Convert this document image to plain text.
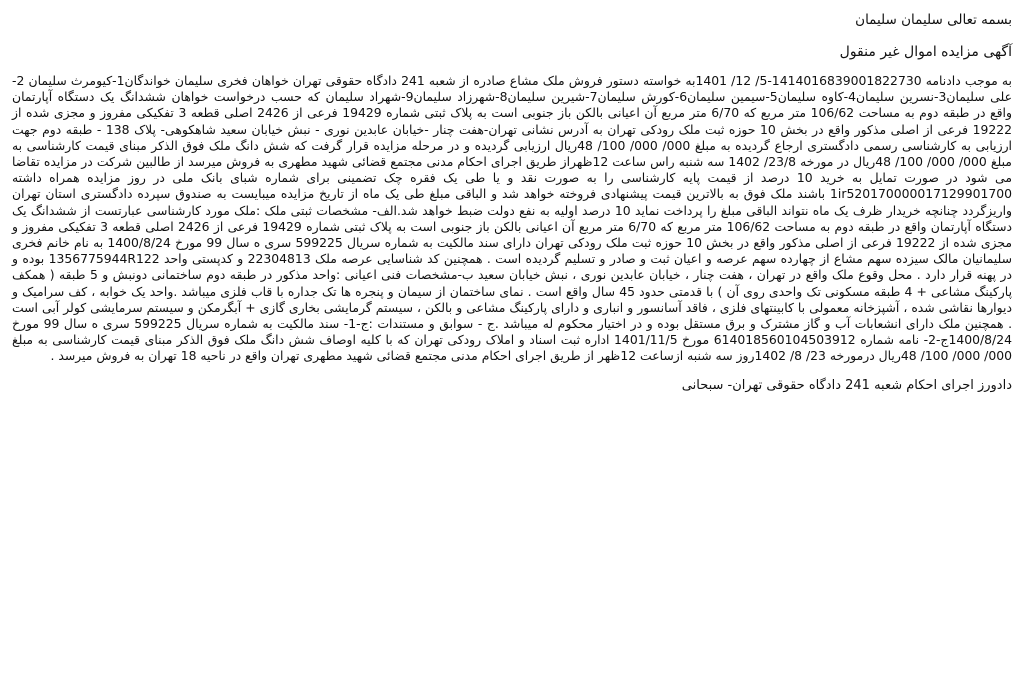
بسمه تعالی سلیمان سلیمان
آگهی مزایده اموال غیر منقول
به موجب دادنامه 14016839001822730‏5-14/ 12/ 1401به خواسته دستور فروش ملک مشاع صادره از شعبه 241 دادگاه حقوقی تهران خواهان فخری سلیمان خواندگان1-کیومرث سلیمان 2-علی سلیمان3-نسرین سلیمان4-کاوه سلیمان5-سیمین سلیمان6-کورش سلیمان7-شیرین سلیمان8-شهرزاد سلیمان9-شهراد سلیمان که حسب درخواست خواهان ششدانگ یک دستگاه آپارتمان واقع در طبقه دوم به مساحت 106/62 متر مربع که 6/70 متر مربع آن اعیانی بالکن باز جنوبی است به پلاک ثبتی شماره 19429 فرعی از 2426 اصلی قطعه 3 تفکیکی مفروز و مجزی شده از 19222 فرعی از اصلی مذکور واقع در بخش 10 حوزه ثبت ملک رودکی تهران به آدرس نشانی تهران-هفت چنار -خیابان عابدین نوری - نبش خیابان سعید شاهکوهی- پلاک 138 - طبقه دوم جهت ارزیابی به کارشناسی رسمی دادگستری ارجاع گردیده به مبلغ 000/ 000/ 100/ 48ریال ارزیابی گردیده و در مرحله مزایده قرار گرفت که شش دانگ ملک فوق الذکر مبنای قیمت کارشناسی به مبلغ 000/ 000/ 100/ 48ریال در مورخه 23/8/ 1402 سه شنبه راس ساعت 12ظهراز طریق اجرای احکام مدنی مجتمع قضائی شهید مطهری به فروش میرسد از طالبین شرکت در مزایده تقاضا می شود در صورت تمایل به خرید 10 درصد از قیمت پایه کارشناسی را به صورت نقد و یا طی یک فقره چک تضمینی برای شماره شبای بانک ملی در روز مزایده همراه داشته ir520170000017129901700‏1 باشند ملک فوق به بالاترین قیمت پیشنهادی فروخته خواهد شد و الباقی مبلغ طی یک ماه از تاریخ مزایده میبایست به صندوق سپرده دادگستری استان تهران واریزگردد چنانچه خریدار ظرف یک ماه نتواند الباقی مبلغ را پرداخت نماید 10 درصد اولیه به نفع دولت ضبط خواهد شد.الف- مشخصات ثبتی ملک :ملک مورد کارشناسی عبارتست از ششدانگ یک دستگاه آپارتمان واقع در طبقه دوم به مساحت 106/62 متر مربع که 6/70 متر مربع آن اعیانی بالکن باز جنوبی است به پلاک ثبتی شماره 19429 فرعی از 2426 اصلی قطعه 3 تفکیکی مفروز و مجزی شده از 19222 فرعی از اصلی مذکور واقع در بخش 10 حوزه ثبت ملک رودکی تهران دارای سند مالکیت به شماره سریال 599225 سری ه سال 99 مورخ 1400/8/24 به نام خانم فخری سلیمانیان مالک سیزده سهم مشاع از چهارده سهم عرصه و اعیان ثبت و صادر و تسلیم گردیده است . همچنین کد شناسایی عرصه ملک 2304813‏2 و کدپستی واحد 1356775944R122 بوده و در پهنه قرار دارد . محل وقوع ملک واقع در تهران ، هفت چنار ، خیابان عابدین نوری ، نبش خیابان سعید ب-مشخصات فنی اعیانی :واحد مذکور در طبقه دوم ساختمانی دونبش و 5 طبقه ( همکف پارکینگ مشاعی + 4 طبقه مسکونی تک واحدی روی آن ) با قدمتی حدود 45 سال واقع است . نمای ساختمان از سیمان و پنجره ها تک جداره با قاب فلزی میباشد .واحد یک خوابه ، کف سرامیک و دیوارها نقاشی شده ، آشپزخانه معمولی با کابینتهای فلزی ، فاقد آسانسور و انباری و دارای پارکینگ مشاعی و بالکن ، سیستم گرمایشی بخاری گازی + آبگرمکن و سیستم سرمایشی کولر آبی است . همچنین ملک دارای انشعابات آب و گاز مشترک و برق مستقل بوده و در اختیار محکوم له میباشد .ج - سوابق و مستندات :ج-1- سند مالکیت به شماره سریال 599225 سری ه سال 99 مورخ 1400/8/24ج-2- نامه شماره 14018560104503912‏6 مورخ 1401/11/5 اداره ثبت اسناد و املاک رودکی تهران که با کلیه اوصاف شش دانگ ملک فوق الذکر مبنای قیمت کارشناسی به مبلغ 000/ 000/ 100/ 48ریال درمورخه 23/ 8/ 1402روز سه شنبه ازساعت 12ظهر از طریق اجرای احکام مدنی مجتمع قضائی شهید مطهری تهران واقع در ناحیه 18 تهران به فروش میرسد .
دادورز اجرای احکام شعبه 241 دادگاه حقوقی تهران- سبحانی
